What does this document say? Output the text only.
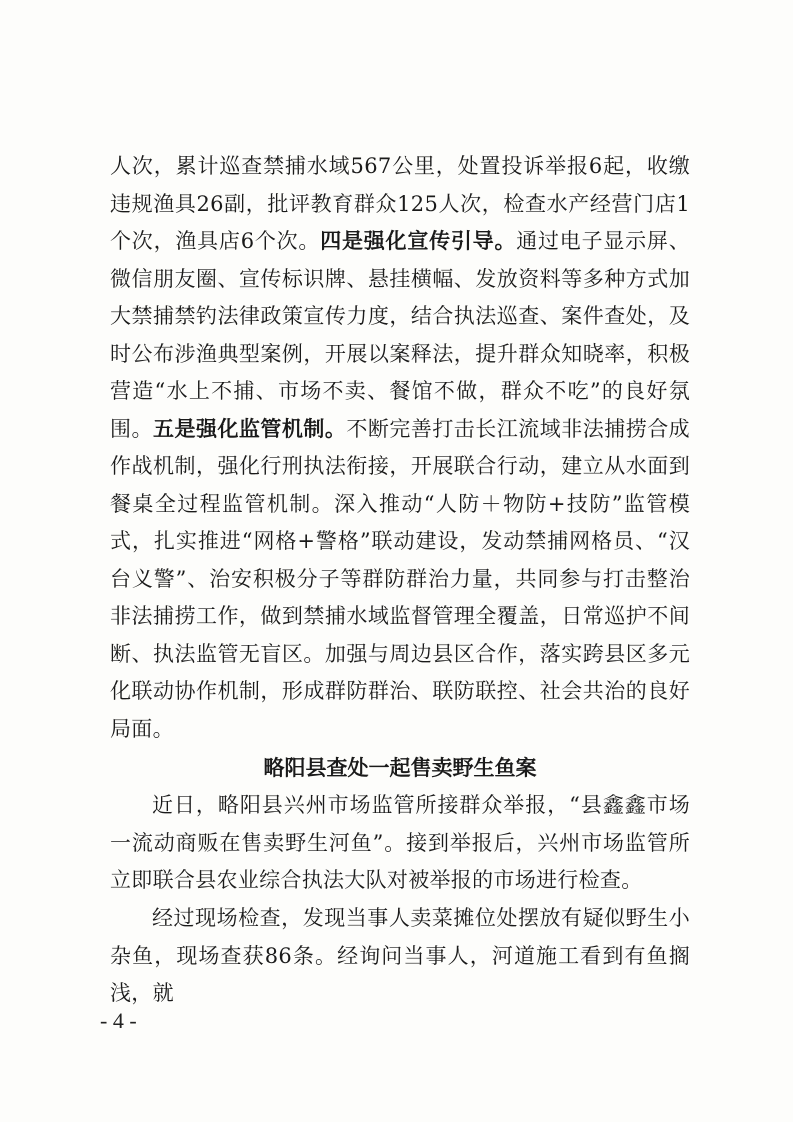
人次，累计巡查禁捕水域567公里，处置投诉举报6起，收缴违规渔具26副，批评教育群众125人次，检查水产经营门店1个次，渔具店6个次。四是强化宣传引导。通过电子显示屏、微信朋友圈、宣传标识牌、悬挂横幅、发放资料等多种方式加大禁捕禁钓法律政策宣传力度，结合执法巡查、案件查处，及时公布涉渔典型案例，开展以案释法，提升群众知晓率，积极营造“水上不捕、市场不卖、餐馆不做，群众不吃”的良好氛围。五是强化监管机制。不断完善打击长江流域非法捕捞合成作战机制，强化行刑执法衔接，开展联合行动，建立从水面到餐桌全过程监管机制。深入推动“人防＋物防+技防”监管模式，扎实推进“网格+警格”联动建设，发动禁捕网格员、“汉台义警”、治安积极分子等群防群治力量，共同参与打击整治非法捕捞工作，做到禁捕水域监督管理全覆盖，日常巡护不间断、执法监管无盲区。加强与周边县区合作，落实跨县区多元化联动协作机制，形成群防群治、联防联控、社会共治的良好局面。

略阳县查处一起售卖野生鱼案

近日，略阳县兴州市场监管所接群众举报，“县鑫鑫市场一流动商贩在售卖野生河鱼”。接到举报后，兴州市场监管所立即联合县农业综合执法大队对被举报的市场进行检查。

经过现场检查，发现当事人卖菜摊位处摆放有疑似野生小杂鱼，现场查获86条。经询问当事人，河道施工看到有鱼搁浅，就

- 4 -
